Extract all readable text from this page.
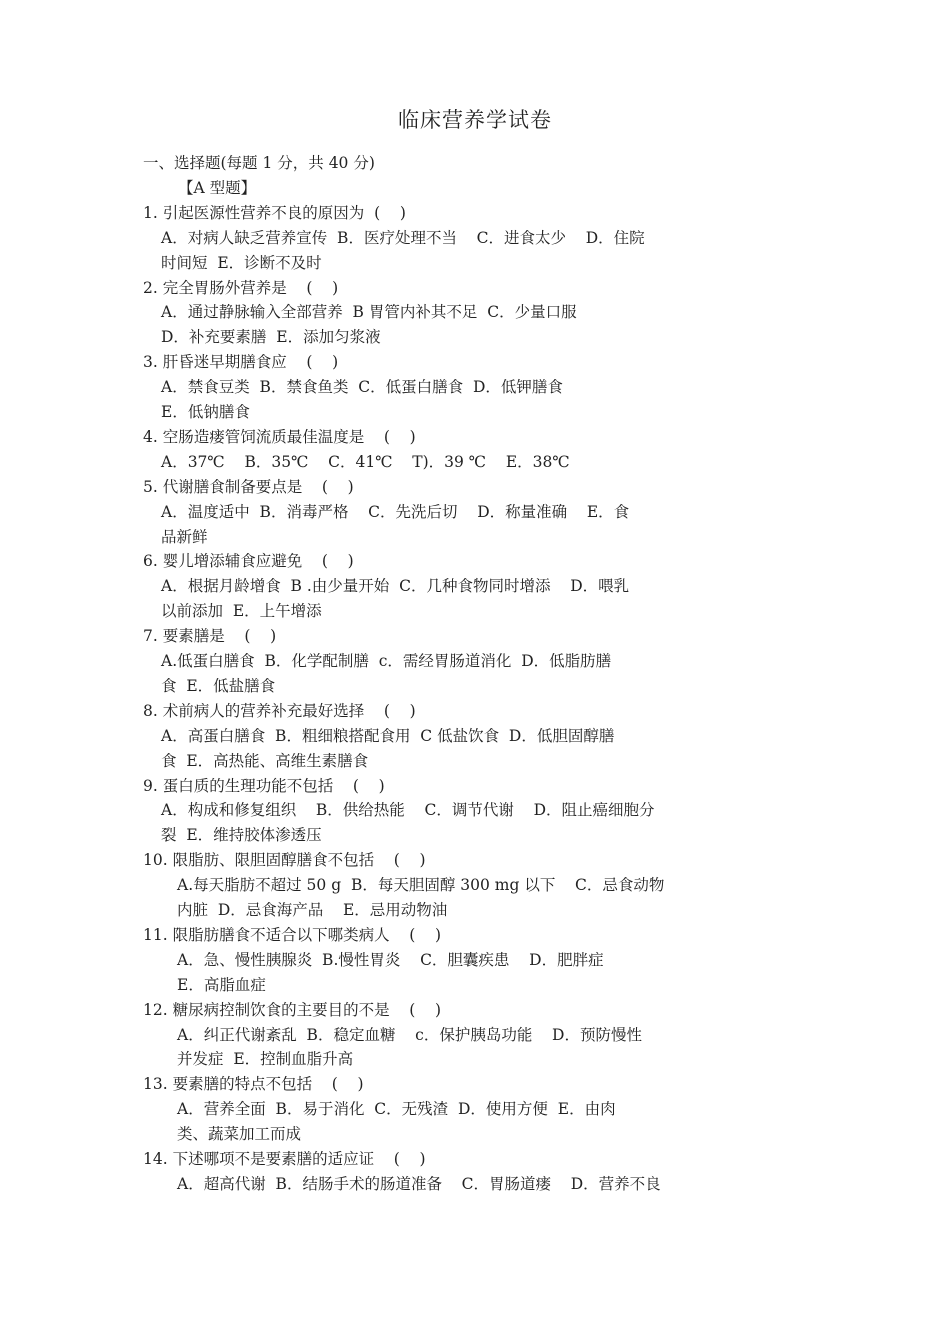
临床营养学试卷
一、选择题(每题 1 分，共 40 分)
【A 型题】
1. 引起医源性营养不良的原因为  (    )
A．对病人缺乏营养宣传  B．医疗处理不当    C．进食太少    D．住院
时间短  E．诊断不及时
2. 完全胃肠外营养是    (    )
A．通过静脉输入全部营养  B 胃管内补其不足  C．少量口服
D．补充要素膳  E．添加匀浆液
3. 肝昏迷早期膳食应    (    )
A．禁食豆类  B．禁食鱼类  C．低蛋白膳食  D．低钾膳食
E．低钠膳食
4. 空肠造瘘管饲流质最佳温度是    (    )
A．37℃    B．35℃    C．41℃    T)．39 ℃    E．38℃
5. 代谢膳食制备要点是    (    )
A．温度适中  B．消毒严格    C．先洗后切    D．称量准确    E．食
品新鲜
6. 婴儿增添辅食应避免    (    )
A．根据月龄增食  B .由少量开始  C．几种食物同时增添    D．喂乳
以前添加  E．上午增添
7. 要素膳是    (    )
A.低蛋白膳食  B．化学配制膳  c．需经胃肠道消化  D．低脂肪膳
食  E．低盐膳食
8. 术前病人的营养补充最好选择    (    )
A．高蛋白膳食  B．粗细粮搭配食用  C 低盐饮食  D．低胆固醇膳
食  E．高热能、高维生素膳食
9. 蛋白质的生理功能不包括    (    )
A．构成和修复组织    B．供给热能    C．调节代谢    D．阻止癌细胞分
裂  E．维持胶体渗透压
10. 限脂肪、限胆固醇膳食不包括    (    )
A.每天脂肪不超过 50 g  B．每天胆固醇 300 mg 以下    C．忌食动物
内脏  D．忌食海产品    E．忌用动物油
11. 限脂肪膳食不适合以下哪类病人    (    )
A．急、慢性胰腺炎  B.慢性胃炎    C．胆囊疾患    D．肥胖症
E．高脂血症
12. 糖尿病控制饮食的主要目的不是    (    )
A．纠正代谢紊乱  B．稳定血糖    c．保护胰岛功能    D．预防慢性
并发症  E．控制血脂升高
13. 要素膳的特点不包括    (    )
A．营养全面  B．易于消化  C．无残渣  D．使用方便  E．由肉
类、蔬菜加工而成
14. 下述哪项不是要素膳的适应证    (    )
A．超高代谢  B．结肠手术的肠道准备    C．胃肠道瘘    D．营养不良
